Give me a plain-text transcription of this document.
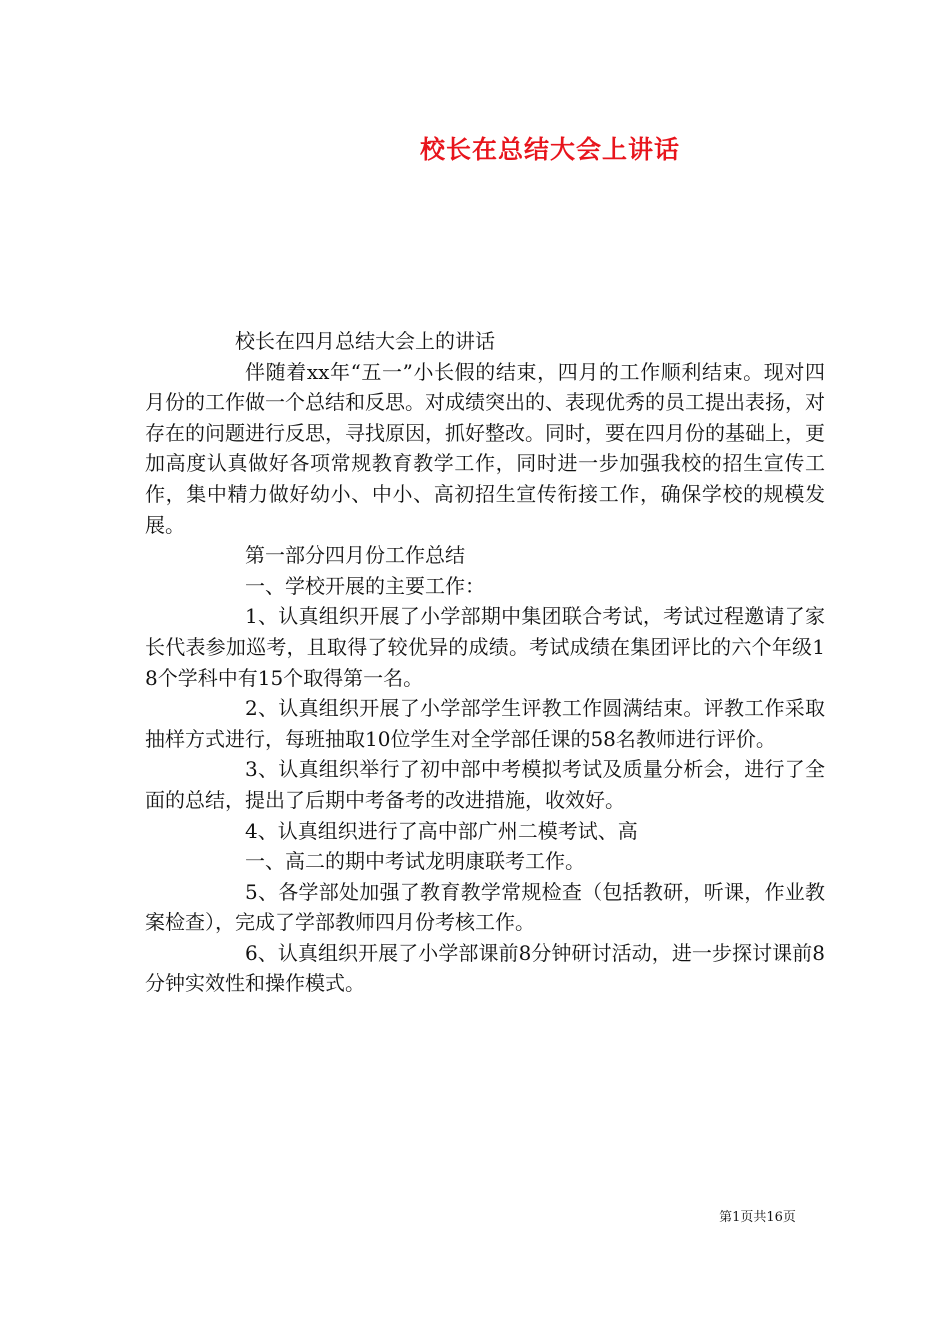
校长在总结大会上讲话

校长在四月总结大会上的讲话

伴随着xx年“五一”小长假的结束，四月的工作顺利结束。现对四月份的工作做一个总结和反思。对成绩突出的、表现优秀的员工提出表扬，对存在的问题进行反思，寻找原因，抓好整改。同时，要在四月份的基础上，更加高度认真做好各项常规教育教学工作，同时进一步加强我校的招生宣传工作，集中精力做好幼小、中小、高初招生宣传衔接工作，确保学校的规模发展。

第一部分四月份工作总结

一、学校开展的主要工作：

1、认真组织开展了小学部期中集团联合考试，考试过程邀请了家长代表参加巡考，且取得了较优异的成绩。考试成绩在集团评比的六个年级18个学科中有15个取得第一名。

2、认真组织开展了小学部学生评教工作圆满结束。评教工作采取抽样方式进行，每班抽取10位学生对全学部任课的58名教师进行评价。

3、认真组织举行了初中部中考模拟考试及质量分析会，进行了全面的总结，提出了后期中考备考的改进措施，收效好。

4、认真组织进行了高中部广州二模考试、高

一、高二的期中考试龙明康联考工作。

5、各学部处加强了教育教学常规检查（包括教研，听课，作业教案检查），完成了学部教师四月份考核工作。

6、认真组织开展了小学部课前8分钟研讨活动，进一步探讨课前8分钟实效性和操作模式。

第1页共16页
